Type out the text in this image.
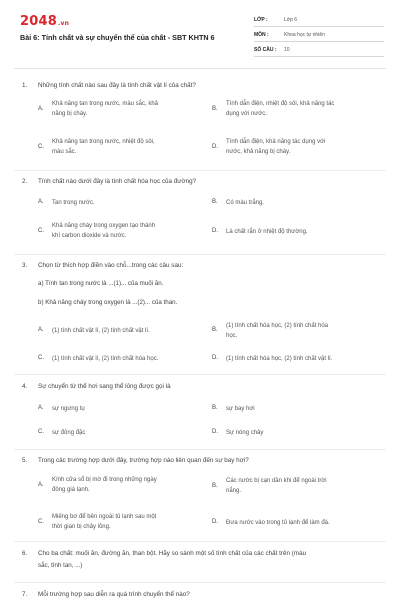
2048.vn
Bài 6: Tính chất và sự chuyển thể của chất - SBT KHTN 6
LỚP :	Lớp 6
MÔN :	Khoa học tự nhiên
SỐ CÂU : 10
1. Những tính chất nào sau đây là tính chất vật lí của chất?
A.
Khả năng tan trong nước, màu sắc, khả
năng bị cháy.
B.
Tính dẫn điện, nhiệt độ sôi, khả năng tác
dụng với nước.
C.
Khả năng tan trong nước, nhiệt độ sôi,
màu sắc.
D.
Tính dẫn điện, khả năng tác dụng với
nước, khả năng bị cháy.
2. Tính chất nào dưới đây là tính chất hóa học của đường?
A. Tan trong nước.	B. Có màu trắng.
C.
Khả năng cháy trong oxygen tạo thành
khí carbon dioxide và nước.
D. Là chất rắn ở nhiệt độ thường.
3. Chọn từ thích hợp điền vào chỗ...trong các câu sau:
a) Tính tan trong nước là ...(1)... của muối ăn.
b) Khả năng cháy trong oxygen là ...(2)... của than.
A. (1) tính chất vật lí, (2) tính chất vật lí.	B.
(1) tính chất hóa học, (2) tính chất hóa
học.
C. (1) tính chất vật lí, (2) tính chất hóa học.	D. (1) tính chất hóa học, (2) tính chất vật lí.
4. Sự chuyển từ thể hơi sang thể lỏng được gọi là
A. sự ngưng tụ	B. sự bay hơi
C. sự đông đặc	D. Sự nóng chảy
5. Trong các trường hợp dưới đây, trường hợp nào liên quan đến sự bay hơi?
A.
Kính cửa sổ bị mờ đi trong những ngày
đông giá lạnh.
B.
Các nước bị cạn dần khi để ngoài trời
nắng.
C.
Miếng bơ để bên ngoài tủ lạnh sau một
thời gian bị chảy lỏng.
D. Đưa nước vào trong tủ lạnh để làm đá.
6. Cho ba chất: muối ăn, đường ăn, than bột. Hãy so sánh một số tính chất của các chất trên (màu
sắc, tính tan, ...)
7. Mỗi trường hợp sau diễn ra quá trình chuyển thể nào?
